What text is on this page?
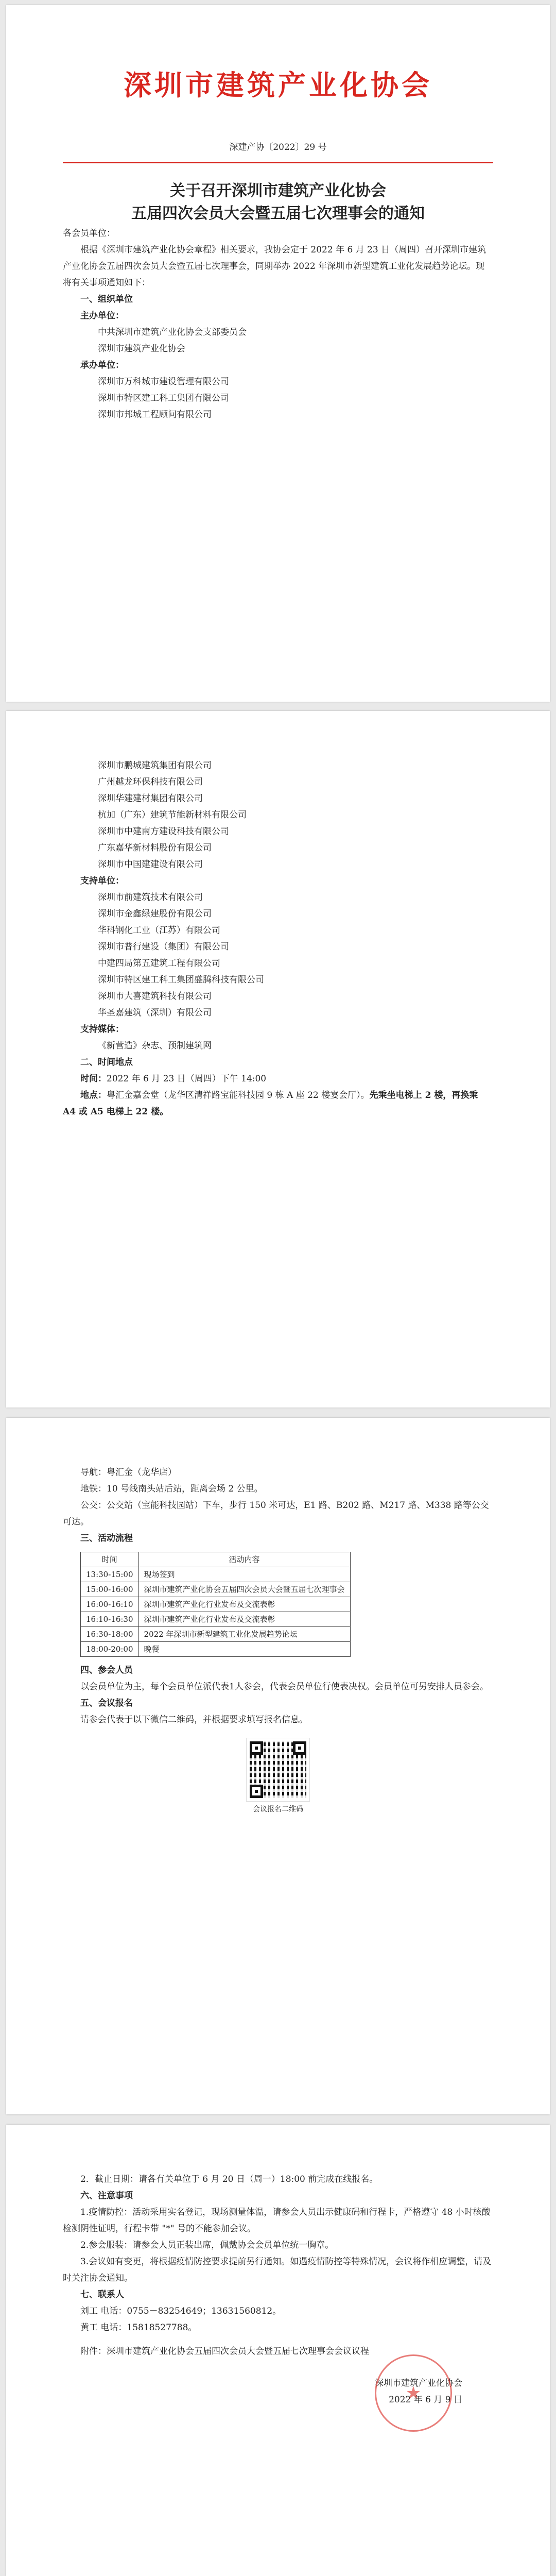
深圳市建筑产业化协会
深建产协〔2022〕29 号
关于召开深圳市建筑产业化协会
五届四次会员大会暨五届七次理事会的通知

各会员单位：

根据《深圳市建筑产业化协会章程》相关要求，我协会定于 2022 年 6 月 23 日（周四）召开深圳市建筑产业化协会五届四次会员大会暨五届七次理事会，同期举办 2022 年深圳市新型建筑工业化发展趋势论坛。现将有关事项通知如下：

一、组织单位

主办单位：

中共深圳市建筑产业化协会支部委员会

深圳市建筑产业化协会

承办单位：

深圳市万科城市建设管理有限公司

深圳市特区建工科工集团有限公司

深圳市邦城工程顾问有限公司

深圳市鹏城建筑集团有限公司

广州越龙环保科技有限公司

深圳华建建材集团有限公司

杭加（广东）建筑节能新材料有限公司

深圳市中建南方建设科技有限公司

广东嘉华新材料股份有限公司

深圳市中国建建设有限公司

支持单位：

深圳市前建筑技术有限公司

深圳市金鑫绿建股份有限公司

华科钢化工业（江苏）有限公司

深圳市普行建设（集团）有限公司

中建四局第五建筑工程有限公司

深圳市特区建工科工集团盛腾科技有限公司

深圳市大喜建筑科技有限公司

华圣嘉建筑（深圳）有限公司

支持媒体：

《新营造》杂志、预制建筑网

二、时间地点

时间：2022 年 6 月 23 日（周四）下午 14:00

地点：粤汇金嘉会堂（龙华区清祥路宝能科技园 9 栋 A 座 22 楼宴会厅）。先乘坐电梯上 2 楼，再换乘 A4 或 A5 电梯上 22 楼。

导航：粤汇金（龙华店）

地铁：10 号线南头站后站，距离会场 2 公里。

公交：公交站（宝能科技园站）下车，步行 150 米可达，E1 路、B202 路、M217 路、M338 路等公交可达。

三、活动流程

时间	活动内容
13:30-15:00	现场签到
15:00-16:00	深圳市建筑产业化协会五届四次会员大会暨五届七次理事会
16:00-16:10	深圳市建筑产业化行业发布及交流表彰
16:10-16:30	深圳市建筑产业化行业发布及交流表彰
16:30-18:00	2022 年深圳市新型建筑工业化发展趋势论坛
18:00-20:00	晚餐

四、参会人员

以会员单位为主，每个会员单位派代表1人参会，代表会员单位行使表决权。会员单位可另安排人员参会。

五、会议报名

请参会代表于以下微信二维码，并根据要求填写报名信息。

会议报名二维码

2．截止日期：请各有关单位于 6 月 20 日（周一）18:00 前完成在线报名。

六、注意事项

1.疫情防控：活动采用实名登记，现场测量体温，请参会人员出示健康码和行程卡，严格遵守 48 小时核酸检测阴性证明，行程卡带 "*" 号的不能参加会议。

2.参会服装：请参会人员正装出席，佩戴协会会员单位统一胸章。

3.会议如有变更，将根据疫情防控要求提前另行通知。如遇疫情防控等特殊情况，会议将作相应调整，请及时关注协会通知。

七、联系人

刘工 电话：0755－83254649；13631560812。

黄工 电话：15818527788。

附件：深圳市建筑产业化协会五届四次会员大会暨五届七次理事会会议议程

★
深圳市建筑产业化协会
2022 年 6 月 9 日
